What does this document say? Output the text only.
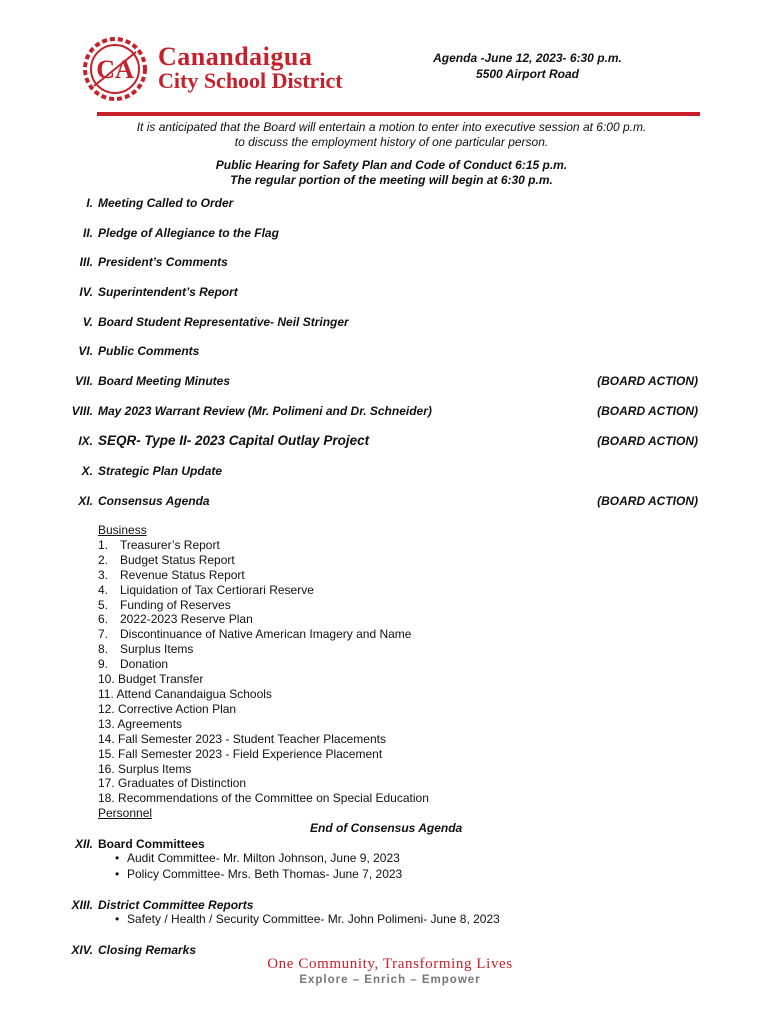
CA Canandaigua
City School District
Agenda -June 12, 2023- 6:30 p.m.
5500 Airport Road
It is anticipated that the Board will entertain a motion to enter into executive session at 6:00 p.m.
to discuss the employment history of one particular person.
Public Hearing for Safety Plan and Code of Conduct 6:15 p.m.
The regular portion of the meeting will begin at 6:30 p.m.
I. Meeting Called to Order
II. Pledge of Allegiance to the Flag
III. President’s Comments
IV. Superintendent’s Report
V. Board Student Representative- Neil Stringer
VI. Public Comments
VII. Board Meeting Minutes	(BOARD ACTION)
VIII. May 2023 Warrant Review (Mr. Polimeni and Dr. Schneider)	(BOARD ACTION)
IX. SEQR- Type II- 2023 Capital Outlay Project	(BOARD ACTION)
X. Strategic Plan Update
XI. Consensus Agenda	(BOARD ACTION)
Business
1. Treasurer’s Report
2. Budget Status Report
3. Revenue Status Report
4. Liquidation of Tax Certiorari Reserve
5. Funding of Reserves
6. 2022-2023 Reserve Plan
7. Discontinuance of Native American Imagery and Name
8. Surplus Items
9. Donation
10. Budget Transfer
11. Attend Canandaigua Schools
12. Corrective Action Plan
13. Agreements
14. Fall Semester 2023 - Student Teacher Placements
15. Fall Semester 2023 - Field Experience Placement
16. Surplus Items
17. Graduates of Distinction
18. Recommendations of the Committee on Special Education
Personnel
End of Consensus Agenda
XII. Board Committees
• Audit Committee- Mr. Milton Johnson, June 9, 2023
• Policy Committee- Mrs. Beth Thomas- June 7, 2023
XIII. District Committee Reports
• Safety / Health / Security Committee- Mr. John Polimeni- June 8, 2023
XIV. Closing Remarks
One Community, Transforming Lives
Explore – Enrich – Empower
